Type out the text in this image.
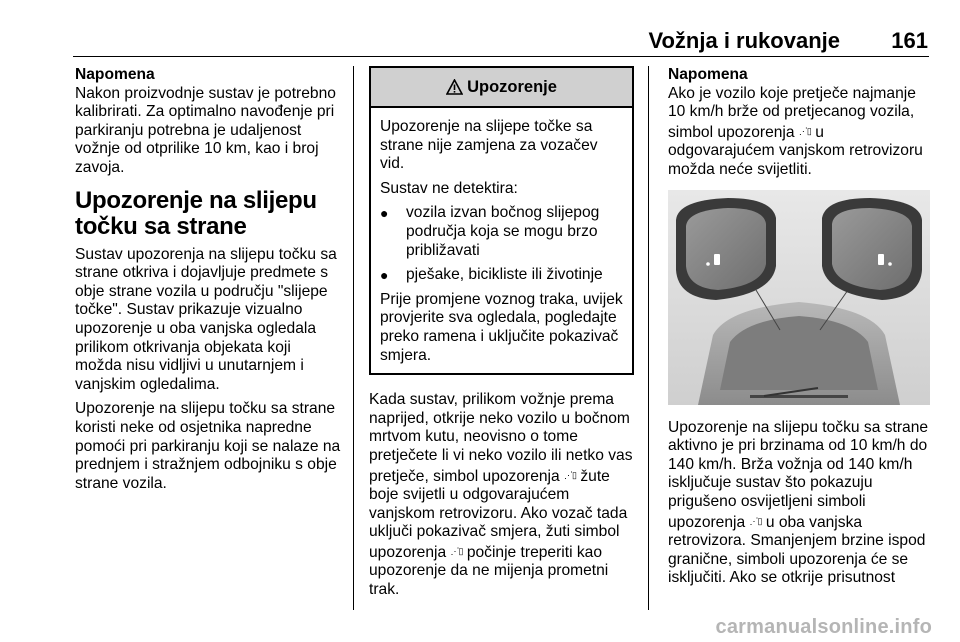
Vožnja i rukovanje	161

Napomena

Nakon proizvodnje sustav je potrebno kalibrirati. Za optimalno navođenje pri parkiranju potrebna je udaljenost vožnje od otprilike 10 km, kao i broj zavoja.

Upozorenje na slijepu točku sa strane

Sustav upozorenja na slijepu točku sa strane otkriva i dojavljuje predmete s obje strane vozila u području "slijepe točke". Sustav prikazuje vizualno upozorenje u oba vanjska ogledala prilikom otkrivanja objekata koji možda nisu vidljivi u unutarnjem i vanjskim ogledalima.

Upozorenje na slijepu točku sa strane koristi neke od osjetnika napredne pomoći pri parkiranju koji se nalaze na prednjem i stražnjem odbojniku s obje strane vozila.

Upozorenje

Upozorenje na slijepe točke sa strane nije zamjena za vozačev vid.

Sustav ne detektira:

●	vozila izvan bočnog slijepog područja koja se mogu brzo približavati

●	pješake, bicikliste ili životinje

Prije promjene voznog traka, uvijek provjerite sva ogledala, pogledajte preko ramena i uključite pokazivač smjera.

Kada sustav, prilikom vožnje prema naprijed, otkrije neko vozilo u bočnom mrtvom kutu, neovisno o tome pretječete li vi neko vozilo ili netko vas pretječe, simbol upozorenja ⋰▯ žute boje svijetli u odgovarajućem vanjskom retrovizoru. Ako vozač tada uključi pokazivač smjera, žuti simbol upozorenja ⋰▯ počinje treperiti kao upozorenje da ne mijenja prometni trak.

Napomena

Ako je vozilo koje pretječe najmanje 10 km/h brže od pretjecanog vozila, simbol upozorenja ⋰▯ u odgovarajućem vanjskom retrovizoru možda neće svijetliti.

Upozorenje na slijepu točku sa strane aktivno je pri brzinama od 10 km/h do 140 km/h. Brža vožnja od 140 km/h isključuje sustav što pokazuju prigušeno osvijetljeni simboli upozorenja ⋰▯ u oba vanjska retrovizora. Smanjenjem brzine ispod granične, simboli upozorenja će se isključiti. Ako se otkrije prisutnost

carmanualsonline.info
